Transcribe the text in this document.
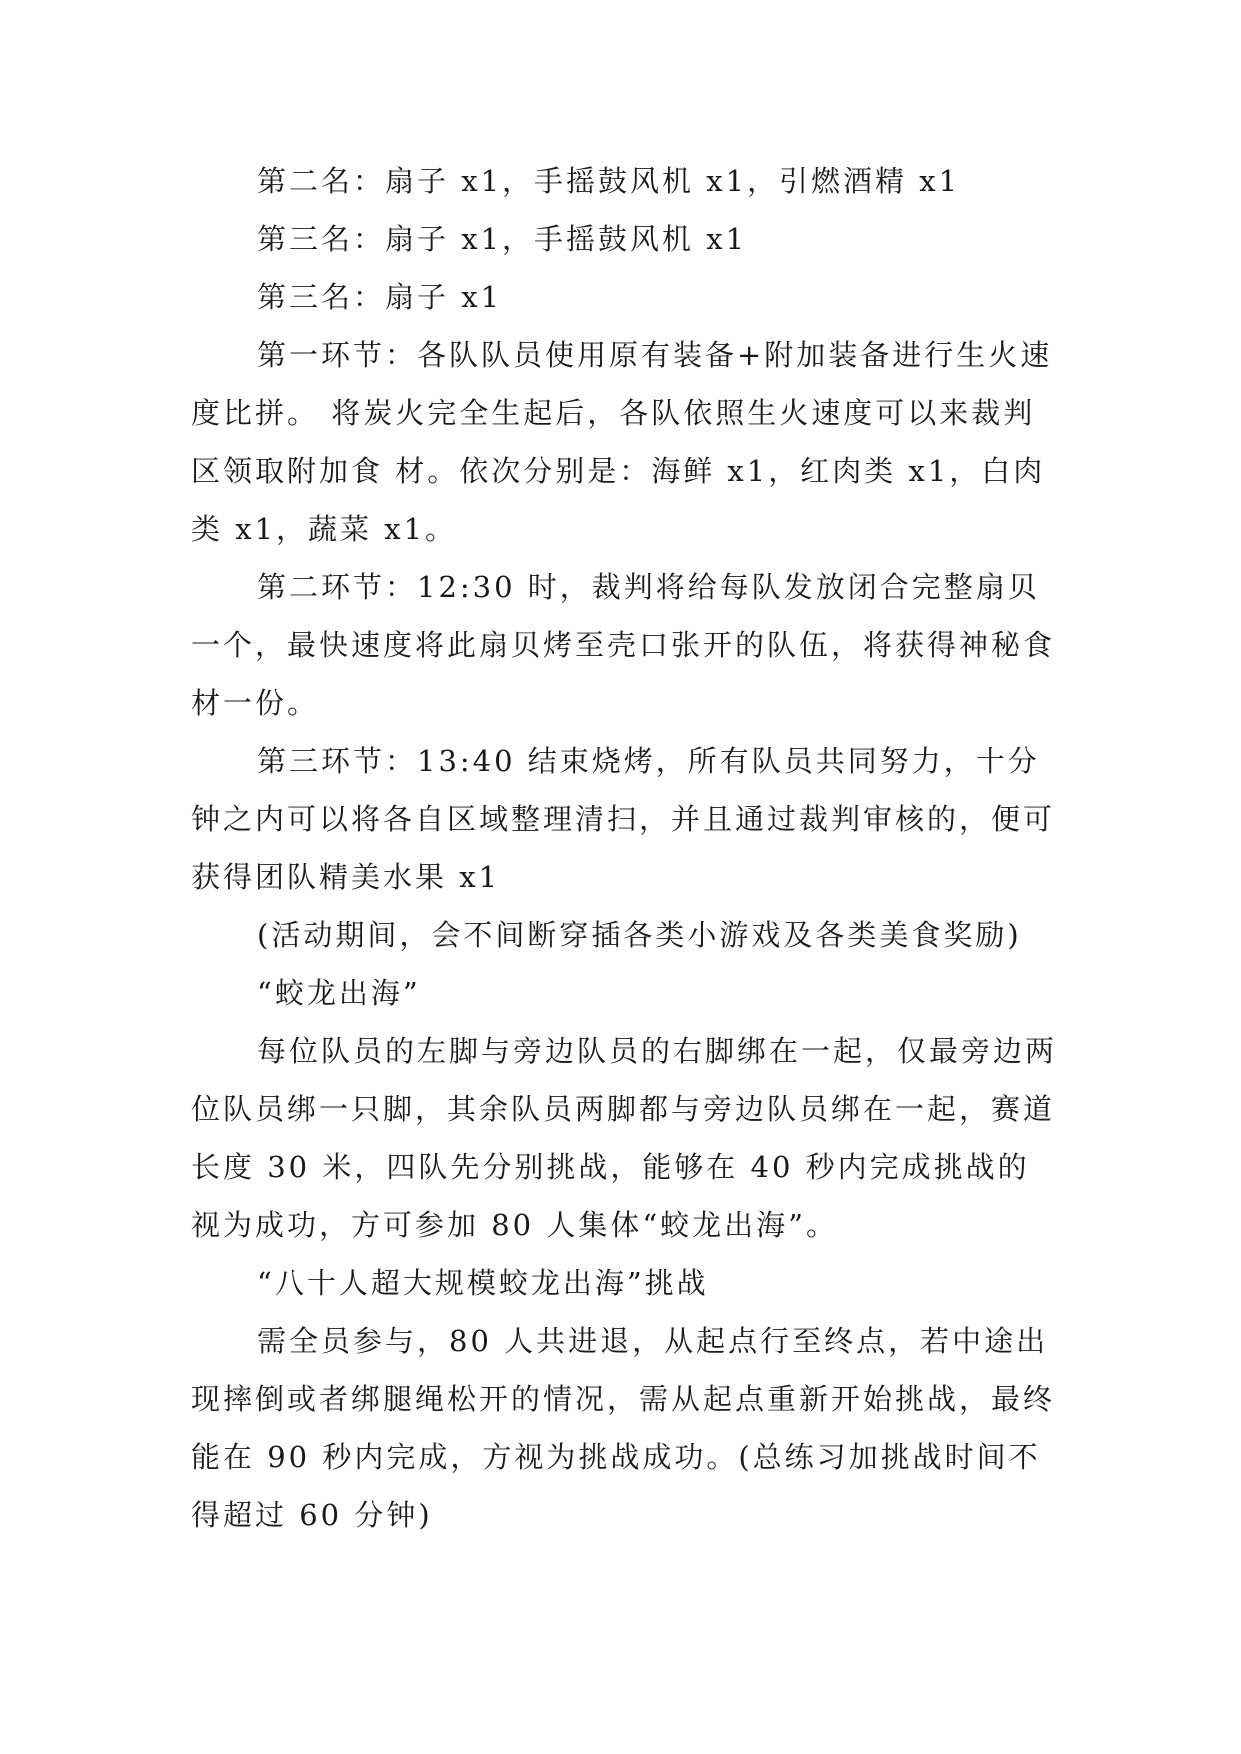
第二名：扇子 x1，手摇鼓风机 x1，引燃酒精 x1

第三名：扇子 x1，手摇鼓风机 x1

第三名：扇子 x1

第一环节：各队队员使用原有装备+附加装备进行生火速度比拼。 将炭火完全生起后，各队依照生火速度可以来裁判区领取附加食 材。依次分别是：海鲜 x1，红肉类 x1，白肉类 x1，蔬菜 x1。

第二环节：12:30 时，裁判将给每队发放闭合完整扇贝一个，最快速度将此扇贝烤至壳口张开的队伍，将获得神秘食材一份。

第三环节：13:40 结束烧烤，所有队员共同努力，十分钟之内可以将各自区域整理清扫，并且通过裁判审核的，便可获得团队精美水果 x1

(活动期间，会不间断穿插各类小游戏及各类美食奖励)

“蛟龙出海”

每位队员的左脚与旁边队员的右脚绑在一起，仅最旁边两位队员绑一只脚，其余队员两脚都与旁边队员绑在一起，赛道长度 30 米，四队先分别挑战，能够在 40 秒内完成挑战的视为成功，方可参加 80 人集体“蛟龙出海”。

“八十人超大规模蛟龙出海”挑战

需全员参与，80 人共进退，从起点行至终点，若中途出现摔倒或者绑腿绳松开的情况，需从起点重新开始挑战，最终能在 90 秒内完成，方视为挑战成功。(总练习加挑战时间不得超过 60 分钟)
